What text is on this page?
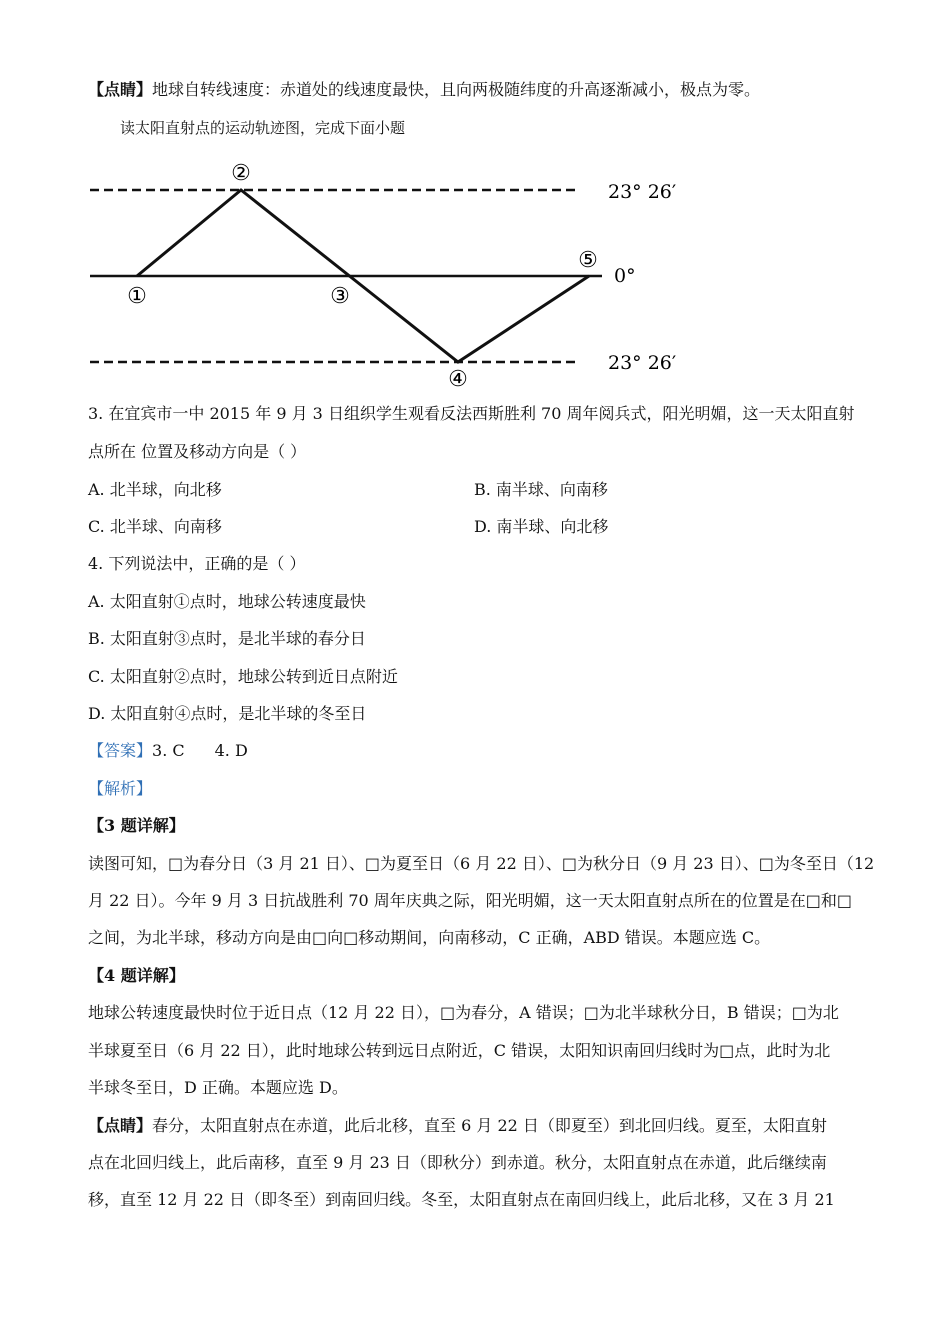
【点睛】地球自转线速度：赤道处的线速度最快，且向两极随纬度的升高逐渐减小，极点为零。
读太阳直射点的运动轨迹图，完成下面小题
23° 26′
0°
23° 26′
①
②
③
④
⑤
3. 在宜宾市一中 2015 年 9 月 3 日组织学生观看反法西斯胜利 70 周年阅兵式，阳光明媚，这一天太阳直射
点所在 位置及移动方向是（ ）
A. 北半球，向北移	B. 南半球、向南移
C. 北半球、向南移	D. 南半球、向北移
4. 下列说法中，正确的是（ ）
A. 太阳直射①点时，地球公转速度最快
B. 太阳直射③点时，是北半球的春分日
C. 太阳直射②点时，地球公转到近日点附近
D. 太阳直射④点时，是北半球的冬至日
【答案】3. C 4. D
【解析】
【3 题详解】
读图可知，□为春分日（3 月 21 日）、□为夏至日（6 月 22 日）、□为秋分日（9 月 23 日）、□为冬至日（12
月 22 日）。今年 9 月 3 日抗战胜利 70 周年庆典之际，阳光明媚，这一天太阳直射点所在的位置是在□和□
之间，为北半球，移动方向是由□向□移动期间，向南移动，C 正确，ABD 错误。本题应选 C。
【4 题详解】
地球公转速度最快时位于近日点（12 月 22 日），□为春分，A 错误；□为北半球秋分日，B 错误；□为北
半球夏至日（6 月 22 日），此时地球公转到远日点附近，C 错误，太阳知识南回归线时为□点，此时为北
半球冬至日，D 正确。本题应选 D。
【点睛】春分，太阳直射点在赤道，此后北移，直至 6 月 22 日（即夏至）到北回归线。夏至，太阳直射
点在北回归线上，此后南移，直至 9 月 23 日（即秋分）到赤道。秋分，太阳直射点在赤道，此后继续南
移，直至 12 月 22 日（即冬至）到南回归线。冬至，太阳直射点在南回归线上，此后北移，又在 3 月 21
